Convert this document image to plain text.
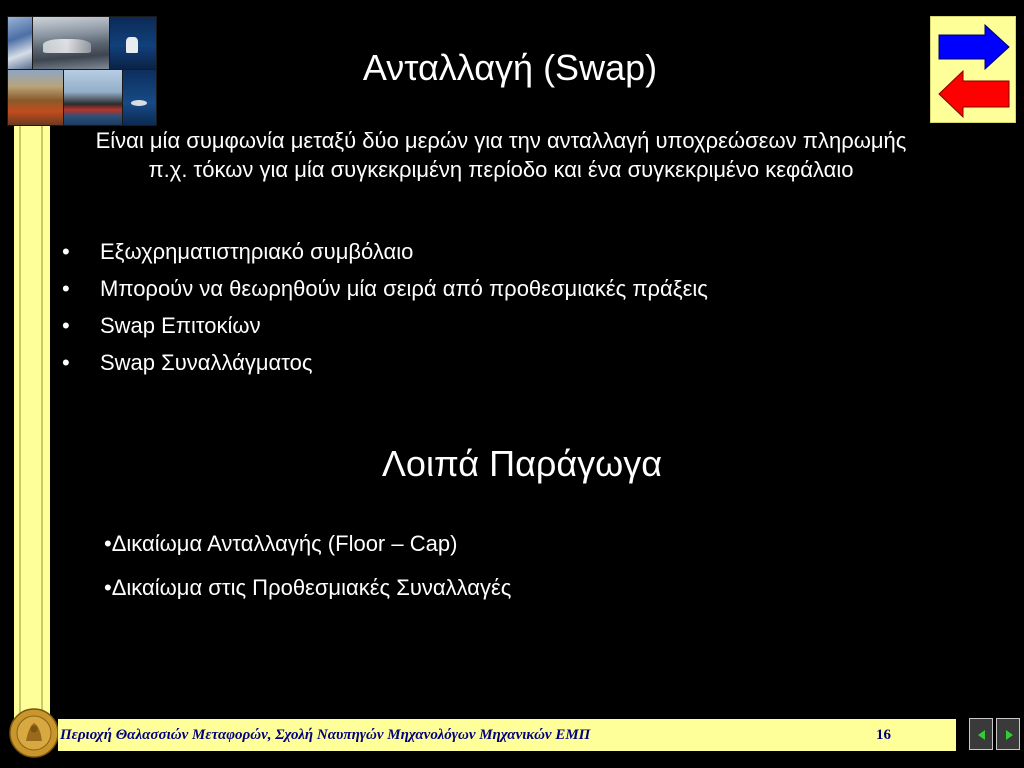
Ανταλλαγή (Swap)
Είναι μία συμφωνία μεταξύ δύο μερών για την ανταλλαγή υποχρεώσεων πληρωμής π.χ. τόκων για μία συγκεκριμένη περίοδο και ένα συγκεκριμένο κεφάλαιο
• Εξωχρηματιστηριακό συμβόλαιο
• Μπορούν να θεωρηθούν μία σειρά από προθεσμιακές πράξεις
• Swap Επιτοκίων
• Swap Συναλλάγματος
Λοιπά Παράγωγα
•Δικαίωμα Ανταλλαγής (Floor – Cap)
•Δικαίωμα στις Προθεσμιακές Συναλλαγές
Περιοχή Θαλασσιών Μεταφορών, Σχολή Ναυπηγών Μηχανολόγων Μηχανικών ΕΜΠ	16
